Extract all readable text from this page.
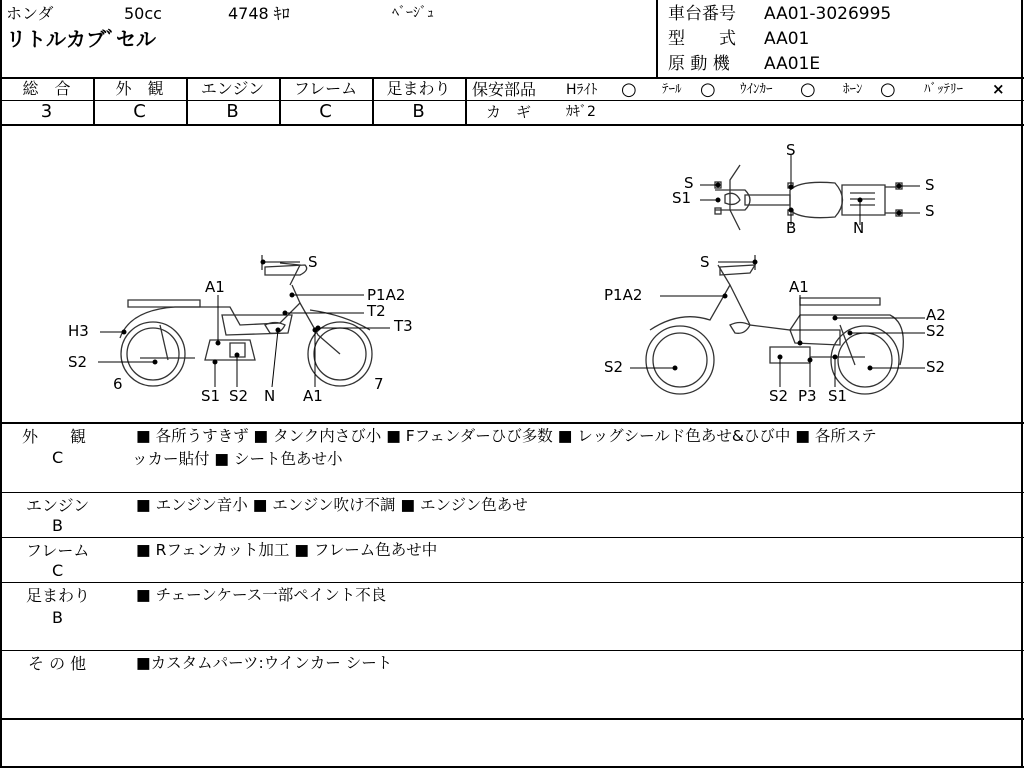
ホンダ	50cc	4748 ｷﾛ	ﾍﾞｰｼﾞｭ
リトルカブﾞセル
車台番号 AA01-3026995
型　　式 AA01
原 動 機 AA01E
総　合	外　観	エンジン	フレーム	足まわり
3	C	B	C	B
保安部品 Hﾗｲﾄ ○ ﾃｰﾙ ○ ｳｲﾝｶｰ ○ ﾎｰﾝ ○ ﾊﾞｯﾃﾘｰ ×
カ　ギ ｶｷﾞ2
S
A1	P1A2
T2
T3
H3
S2
6
S1 S2 N A1
7
S
P1A2	A1
A2
S2
S2	S2
S2 P3 S1
S
S
S1
B	N
S
S
外　　観
C
■ 各所うすきず ■ タンク内さび小 ■ Fフェンダーひび多数 ■ レッグシールド色あせ&ひび中 ■ 各所ステ
ッカー貼付 ■ シート色あせ小
エンジン
B
■ エンジン音小 ■ エンジン吹け不調 ■ エンジン色あせ
フレーム
C
■ Rフェンカット加工 ■ フレーム色あせ中
足まわり
B
■ チェーンケース一部ペイント不良
そ の 他	■カスタムパーツ:ウインカー シート
